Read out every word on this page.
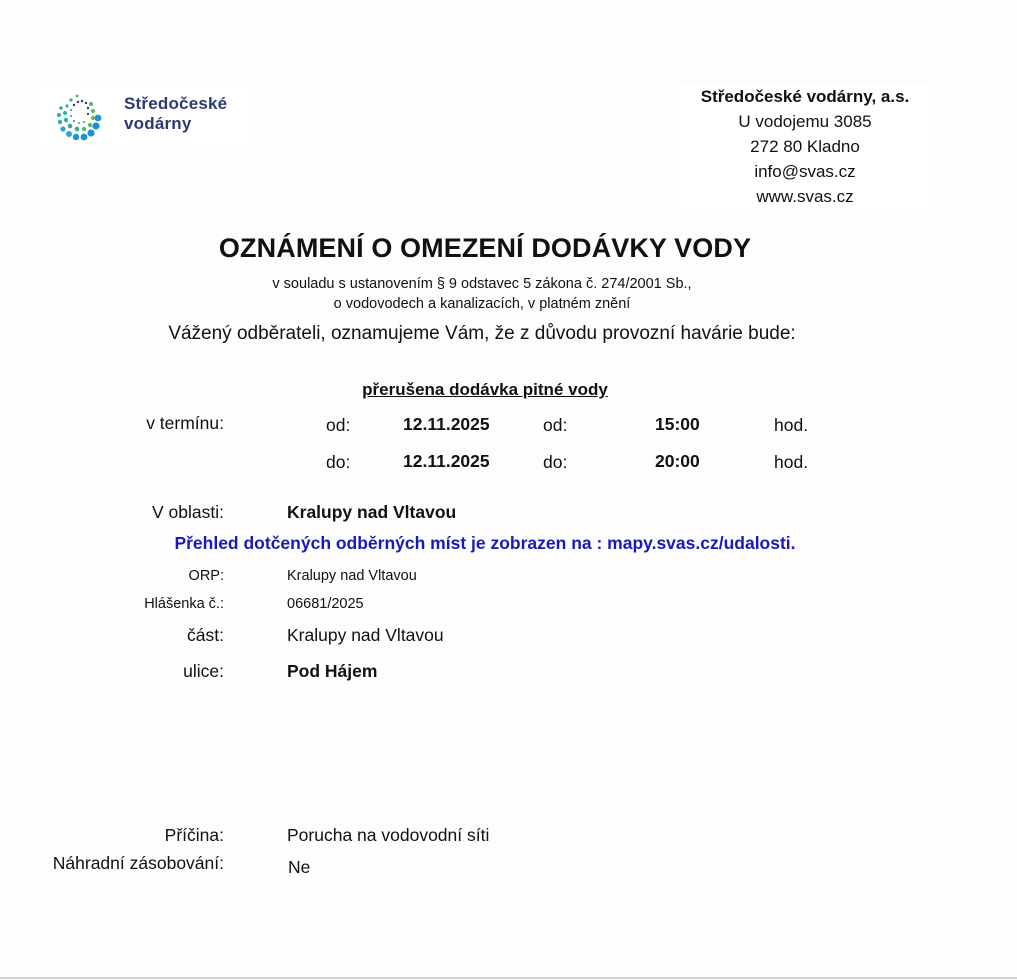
Středočeské
vodárny
Středočeské vodárny, a.s.
U vodojemu 3085
272 80 Kladno
info@svas.cz
www.svas.cz
OZNÁMENÍ O OMEZENÍ DODÁVKY VODY
v souladu s ustanovením § 9 odstavec 5 zákona č. 274/2001 Sb.,
o vodovodech a kanalizacích, v platném znění
Vážený odběrateli, oznamujeme Vám, že z důvodu provozní havárie bude:
přerušena dodávka pitné vody
v termínu:	od:	12.11.2025	od:	15:00	hod.
do:	12.11.2025	do:	20:00	hod.
V oblasti:	Kralupy nad Vltavou
Přehled dotčených odběrných míst je zobrazen na : mapy.svas.cz/udalosti.
ORP:	Kralupy nad Vltavou
Hlášenka č.:	06681/2025
část:	Kralupy nad Vltavou
ulice:	Pod Hájem
Příčina:	Porucha na vodovodní síti
Náhradní zásobování:	Ne
